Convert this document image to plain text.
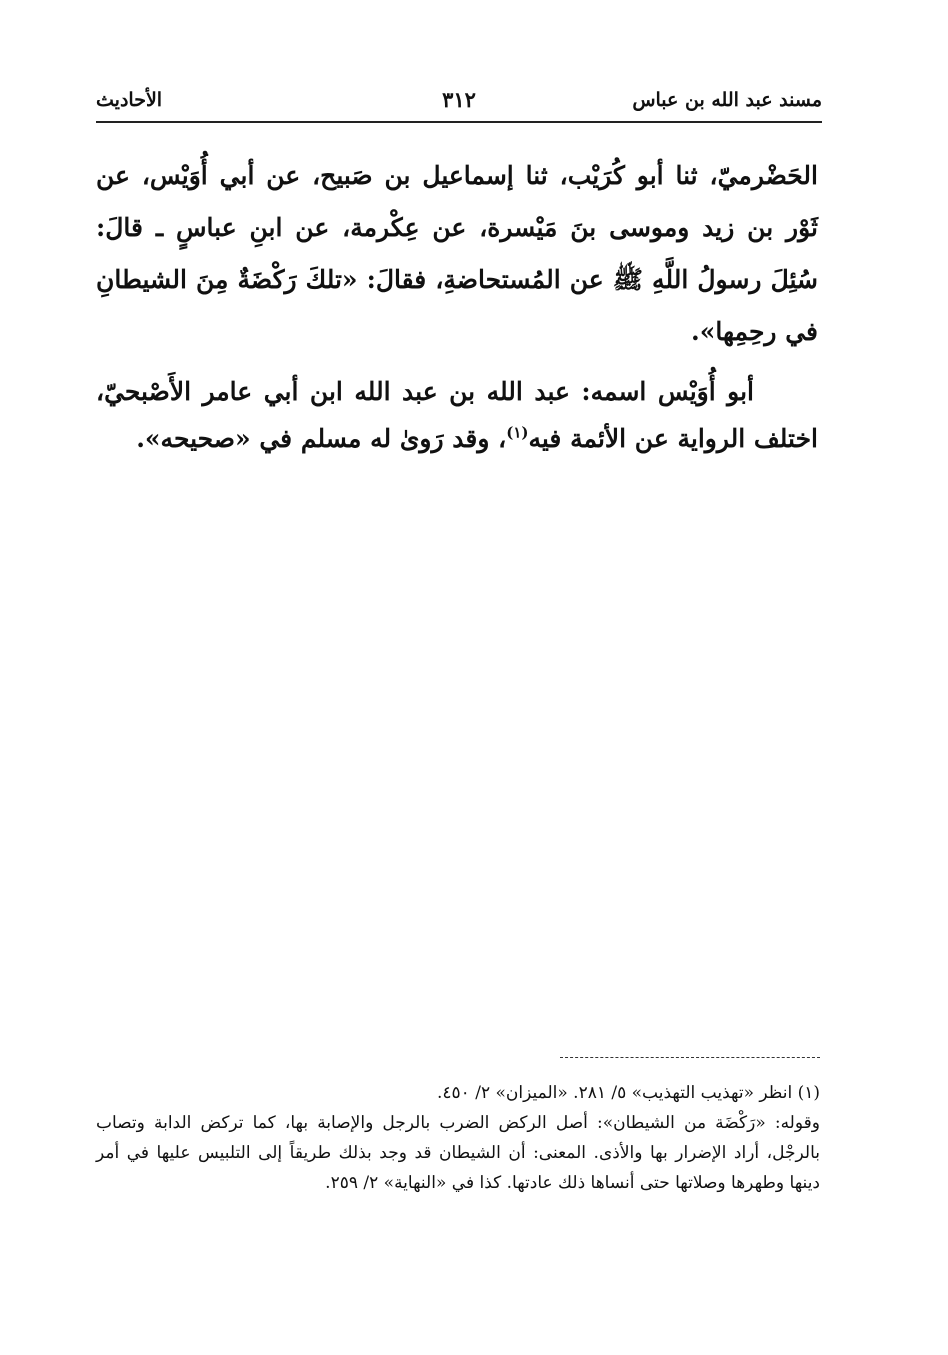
مسند عبد الله بن عباس
٣١٢
الأحاديث

الحَضْرميّ، ثنا أبو كُرَيْب، ثنا إسماعيل بن صَبيح، عن أبي أُوَيْس، عن ثَوْر بن زيد وموسى بنَ مَيْسرة، عن عِكْرمة، عن ابنِ عباسٍ ـ قالَ: سُئِلَ رسولُ اللَّهِ ﷺ عن المُستحاضةِ، فقالَ: «تلكَ رَكْضَةٌ مِنَ الشيطانِ في رحِمِها».

أبو أُوَيْس اسمه: عبد الله بن عبد الله ابن أبي عامر الأَصْبحيّ، اختلف الرواية عن الأئمة فيه$^{(١)}$، وقد رَوىٰ له مسلم في «صحيحه».

(١) انظر «تهذيب التهذيب» ٥/ ٢٨١. «الميزان» ٢/ ٤٥٠.

وقوله: «رَكْضَة من الشيطان»: أصل الركض الضرب بالرجل والإصابة بها، كما تركض الدابة وتصاب بالرجْل، أراد الإضرار بها والأذى. المعنى: أن الشيطان قد وجد بذلك طريقاً إلى التلبيس عليها في أمر دينها وطهرها وصلاتها حتى أنساها ذلك عادتها. كذا في «النهاية» ٢/ ٢٥٩.
